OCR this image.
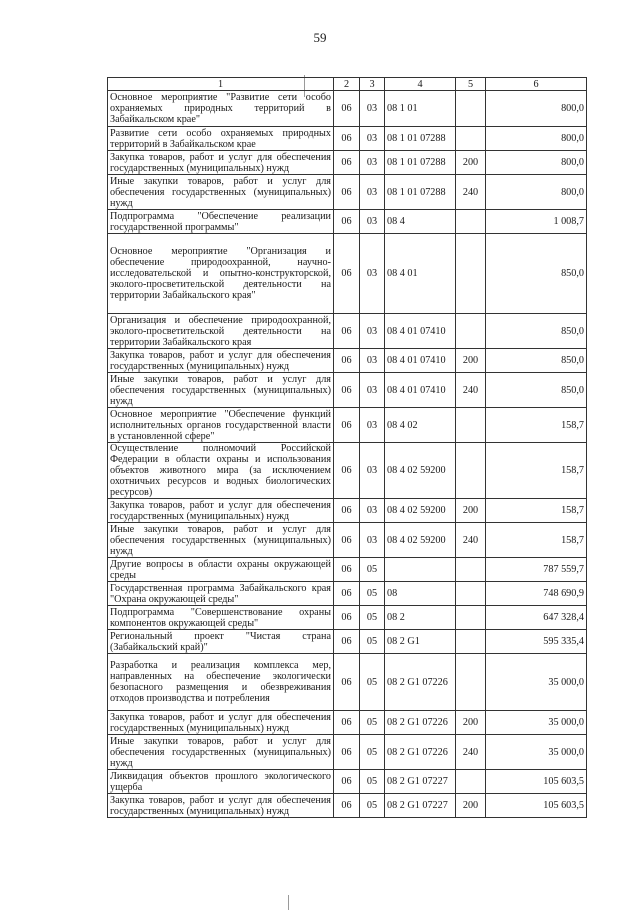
59
1	2	3	4	5	6
Основное мероприятие "Развитие сети особо охраняемых природных территорий в Забайкальском крае"	06	03	08 1 01		800,0
Развитие сети особо охраняемых природных территорий в Забайкальском крае	06	03	08 1 01 07288		800,0
Закупка товаров, работ и услуг для обеспечения государственных (муниципальных) нужд	06	03	08 1 01 07288	200	800,0
Иные закупки товаров, работ и услуг для обеспечения государственных (муниципальных) нужд	06	03	08 1 01 07288	240	800,0
Подпрограмма "Обеспечение реализации государственной программы"	06	03	08 4		1 008,7
Основное мероприятие "Организация и обеспечение природоохранной, научно-исследовательской и опытно-конструкторской, эколого-просветительской деятельности на территории Забайкальского края"	06	03	08 4 01		850,0
Организация и обеспечение природоохранной, эколого-просветительской деятельности на территории Забайкальского края	06	03	08 4 01 07410		850,0
Закупка товаров, работ и услуг для обеспечения государственных (муниципальных) нужд	06	03	08 4 01 07410	200	850,0
Иные закупки товаров, работ и услуг для обеспечения государственных (муниципальных) нужд	06	03	08 4 01 07410	240	850,0
Основное мероприятие "Обеспечение функций исполнительных органов государственной власти в установленной сфере"	06	03	08 4 02		158,7
Осуществление полномочий Российской Федерации в области охраны и использования объектов животного мира (за исключением охотничьих ресурсов и водных биологических ресурсов)	06	03	08 4 02 59200		158,7
Закупка товаров, работ и услуг для обеспечения государственных (муниципальных) нужд	06	03	08 4 02 59200	200	158,7
Иные закупки товаров, работ и услуг для обеспечения государственных (муниципальных) нужд	06	03	08 4 02 59200	240	158,7
Другие вопросы в области охраны окружающей среды	06	05			787 559,7
Государственная программа Забайкальского края "Охрана окружающей среды"	06	05	08		748 690,9
Подпрограмма "Совершенствование охраны компонентов окружающей среды"	06	05	08 2		647 328,4
Региональный проект "Чистая страна (Забайкальский край)"	06	05	08 2 G1		595 335,4
Разработка и реализация комплекса мер, направленных на обеспечение экологически безопасного размещения и обезвреживания отходов производства и потребления	06	05	08 2 G1 07226		35 000,0
Закупка товаров, работ и услуг для обеспечения государственных (муниципальных) нужд	06	05	08 2 G1 07226	200	35 000,0
Иные закупки товаров, работ и услуг для обеспечения государственных (муниципальных) нужд	06	05	08 2 G1 07226	240	35 000,0
Ликвидация объектов прошлого экологического ущерба	06	05	08 2 G1 07227		105 603,5
Закупка товаров, работ и услуг для обеспечения государственных (муниципальных) нужд	06	05	08 2 G1 07227	200	105 603,5
